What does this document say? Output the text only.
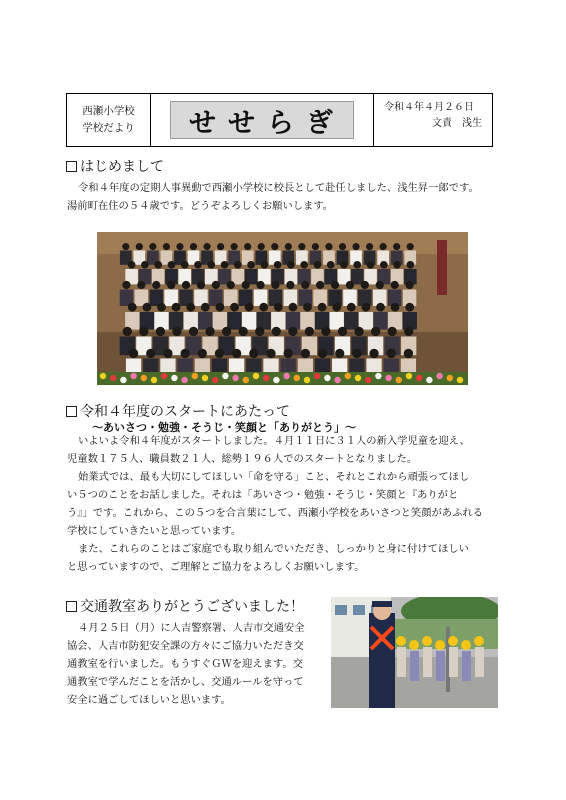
西瀬小学校
学校だより	せせらぎ	令和４年４月２６日
文責　浅生
はじめまして
令和４年度の定期人事異動で西瀬小学校に校長として赴任しました、浅生昇一郎です。
湯前町在住の５４歳です。どうぞよろしくお願いします。
令和４年度のスタートにあたって
～あいさつ・勉強・そうじ・笑顔と「ありがとう」～
いよいよ令和４年度がスタートしました。４月１１日に３１人の新入学児童を迎え、
児童数１７５人、職員数２１人、総勢１９６人でのスタートとなりました。
始業式では、最も大切にしてほしい「命を守る」こと、それとこれから頑張ってほし
い５つのことをお話しました。それは「あいさつ・勉強・そうじ・笑顔と『ありがと
う』」です。これから、この５つを合言葉にして、西瀬小学校をあいさつと笑顔があふれる
学校にしていきたいと思っています。
また、これらのことはご家庭でも取り組んでいただき、しっかりと身に付けてほしい
と思っていますので、ご理解とご協力をよろしくお願いします。
交通教室ありがとうございました！
４月２５日（月）に人吉警察署、人吉市交通安全
協会、人吉市防犯安全課の方々にご協力いただき交
通教室を行いました。もうすぐＧＷを迎えます。交
通教室で学んだことを活かし、交通ルールを守って
安全に過ごしてほしいと思います。
